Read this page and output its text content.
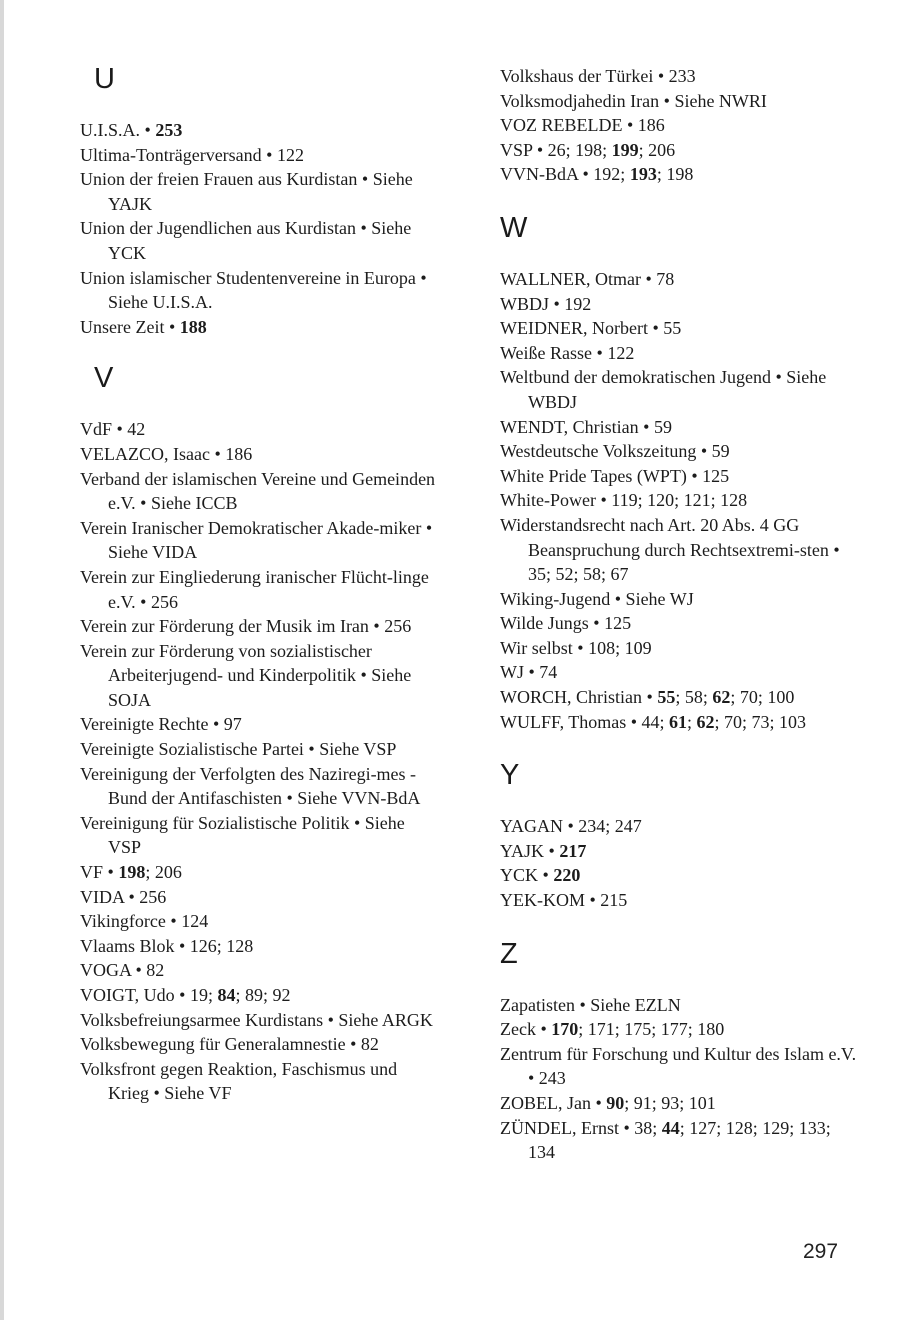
U
U.I.S.A. • 253
Ultima-Tonträgerversand • 122
Union der freien Frauen aus Kurdistan • Siehe YAJK
Union der Jugendlichen aus Kurdistan • Siehe YCK
Union islamischer Studentenvereine in Europa • Siehe U.I.S.A.
Unsere Zeit • 188
V
VdF • 42
VELAZCO, Isaac • 186
Verband der islamischen Vereine und Gemeinden e.V. • Siehe ICCB
Verein Iranischer Demokratischer Akade-miker • Siehe VIDA
Verein zur Eingliederung iranischer Flücht-linge e.V. • 256
Verein zur Förderung der Musik im Iran • 256
Verein zur Förderung von sozialistischer Arbeiterjugend- und Kinderpolitik • Siehe SOJA
Vereinigte Rechte • 97
Vereinigte Sozialistische Partei • Siehe VSP
Vereinigung der Verfolgten des Naziregi-mes - Bund der Antifaschisten • Siehe VVN-BdA
Vereinigung für Sozialistische Politik • Siehe VSP
VF • 198; 206
VIDA • 256
Vikingforce • 124
Vlaams Blok • 126; 128
VOGA • 82
VOIGT, Udo • 19; 84; 89; 92
Volksbefreiungsarmee Kurdistans • Siehe ARGK
Volksbewegung für Generalamnestie • 82
Volksfront gegen Reaktion, Faschismus und Krieg • Siehe VF
Volkshaus der Türkei • 233
Volksmodjahedin Iran • Siehe NWRI
VOZ REBELDE • 186
VSP • 26; 198; 199; 206
VVN-BdA • 192; 193; 198
W
WALLNER, Otmar • 78
WBDJ • 192
WEIDNER, Norbert • 55
Weiße Rasse • 122
Weltbund der demokratischen Jugend • Siehe WBDJ
WENDT, Christian • 59
Westdeutsche Volkszeitung • 59
White Pride Tapes (WPT) • 125
White-Power • 119; 120; 121; 128
Widerstandsrecht nach Art. 20 Abs. 4 GG
Beanspruchung durch Rechtsextremi-sten • 35; 52; 58; 67
Wiking-Jugend • Siehe WJ
Wilde Jungs • 125
Wir selbst • 108; 109
WJ • 74
WORCH, Christian • 55; 58; 62; 70; 100
WULFF, Thomas • 44; 61; 62; 70; 73; 103
Y
YAGAN • 234; 247
YAJK • 217
YCK • 220
YEK-KOM • 215
Z
Zapatisten • Siehe EZLN
Zeck • 170; 171; 175; 177; 180
Zentrum für Forschung und Kultur des Islam e.V. • 243
ZOBEL, Jan • 90; 91; 93; 101
ZÜNDEL, Ernst • 38; 44; 127; 128; 129; 133; 134
297
